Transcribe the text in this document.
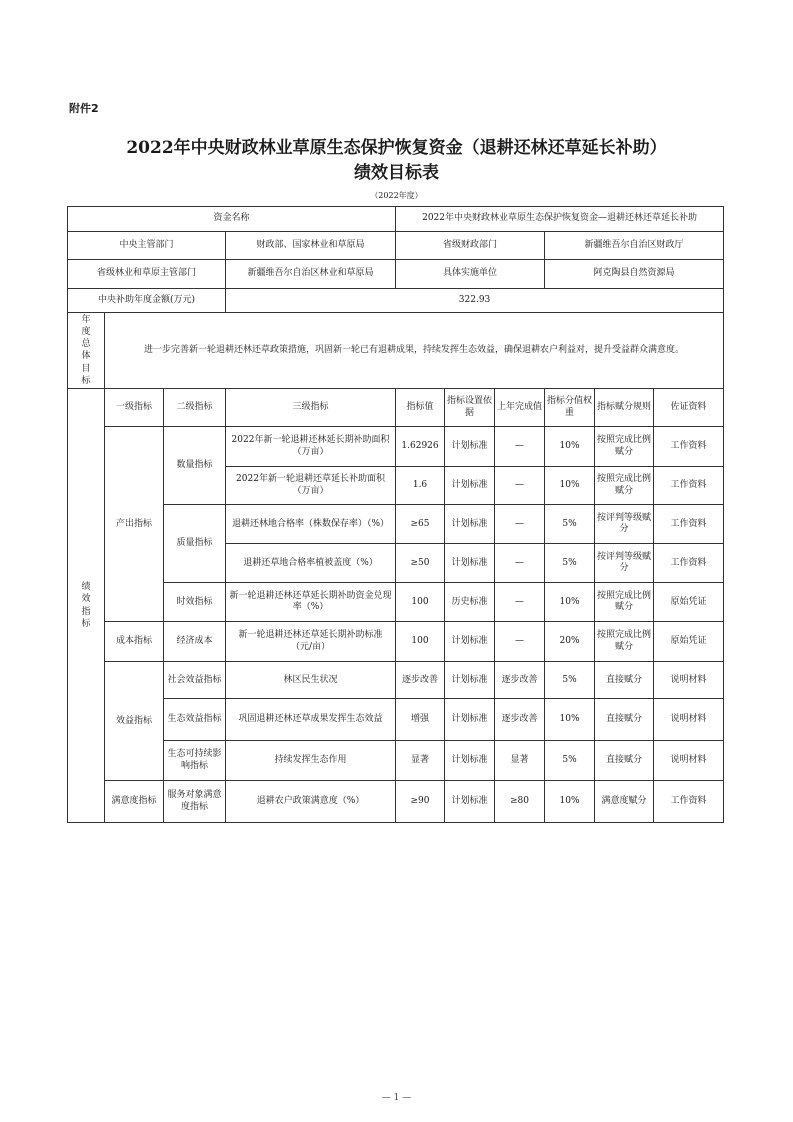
附件2
2022年中央财政林业草原生态保护恢复资金（退耕还林还草延长补助）
绩效目标表
（2022年度）
资金名称				2022年中央财政林业草原生态保护恢复资金—退耕还林还草延长补助					
中央主管部门			财政部、国家林业和草原局	省级财政部门			新疆维吾尔自治区财政厅		
省级林业和草原主管部门			新疆维吾尔自治区林业和草原局	具体实施单位			阿克陶县自然资源局		
中央补助年度金额(万元)			322.93						
年度总体目标	进一步完善新一轮退耕还林还草政策措施，巩固新一轮已有退耕成果，持续发挥生态效益，确保退耕农户利益对，提升受益群众满意度。								
绩效指标	一级指标	二级指标	三级指标	指标值	指标设置依据	上年完成值	指标分值权重	指标赋分规则	佐证资料
	产出指标	数量指标	2022年新一轮退耕还林延长期补助面积（万亩）	1.62926	计划标准	—	10%	按照完成比例赋分	工作资料
			2022年新一轮退耕还草延长补助面积（万亩）	1.6	计划标准	—	10%	按照完成比例赋分	工作资料
		质量指标	退耕还林地合格率（株数保存率）（%）	≥65	计划标准	—	5%	按评判等级赋分	工作资料
			退耕还草地合格率植被盖度（%）	≥50	计划标准	—	5%	按评判等级赋分	工作资料
		时效指标	新一轮退耕还林还草延长期补助资金兑现率（%）	100	历史标准	—	10%	按照完成比例赋分	原始凭证
	成本指标	经济成本	新一轮退耕还林还草延长期补助标准（元/亩）	100	计划标准	—	20%	按照完成比例赋分	原始凭证
	效益指标	社会效益指标	林区民生状况	逐步改善	计划标准	逐步改善	5%	直接赋分	说明材料
		生态效益指标	巩固退耕还林还草成果发挥生态效益	增强	计划标准	逐步改善	10%	直接赋分	说明材料
		生态可持续影响指标	持续发挥生态作用	显著	计划标准	显著	5%	直接赋分	说明材料
	满意度指标	服务对象满意度指标	退耕农户政策满意度（%）	≥90	计划标准	≥80	10%	满意度赋分	工作资料
— 1 —
